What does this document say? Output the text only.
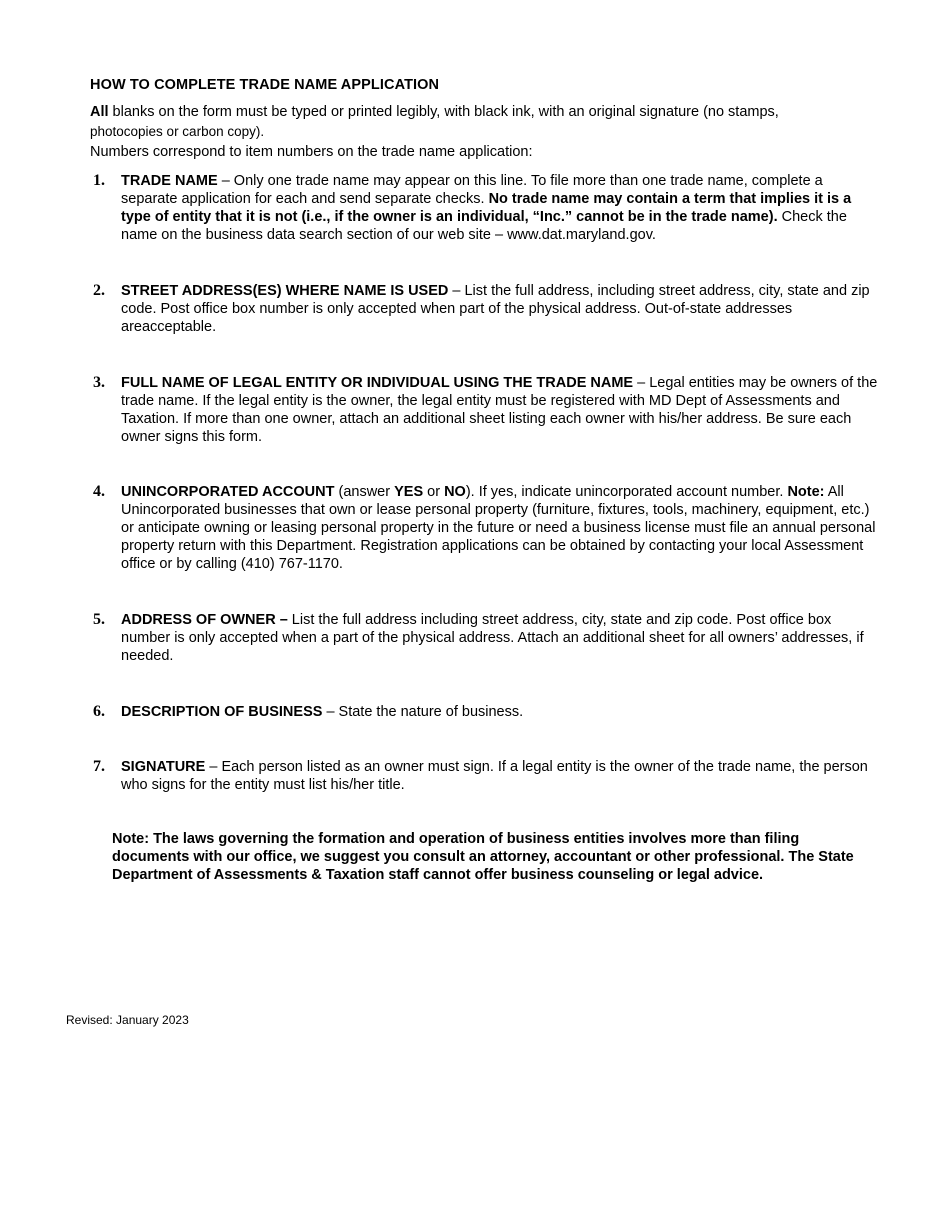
HOW TO COMPLETE TRADE NAME APPLICATION
All blanks on the form must be typed or printed legibly, with black ink, with an original signature (no stamps,
photocopies or carbon copy).
Numbers correspond to item numbers on the trade name application:
1.	TRADE NAME – Only one trade name may appear on this line. To file more than one trade name, complete a separate application for each and send separate checks. No trade name may contain a term that implies it is a type of entity that it is not (i.e., if the owner is an individual, “Inc.” cannot be in the trade name). Check the name on the business data search section of our web site – www.dat.maryland.gov.
2.	STREET ADDRESS(ES) WHERE NAME IS USED – List the full address, including street address, city, state and zip code. Post office box number is only accepted when part of the physical address. Out-of-state addresses areacceptable.
3.	FULL NAME OF LEGAL ENTITY OR INDIVIDUAL USING THE TRADE NAME – Legal entities may be owners of the trade name. If the legal entity is the owner, the legal entity must be registered with MD Dept of Assessments and Taxation. If more than one owner, attach an additional sheet listing each owner with his/her address. Be sure each owner signs this form.
4.	UNINCORPORATED ACCOUNT (answer YES or NO). If yes, indicate unincorporated account number. Note: All Unincorporated businesses that own or lease personal property (furniture, fixtures, tools, machinery, equipment, etc.) or anticipate owning or leasing personal property in the future or need a business license must file an annual personal property return with this Department. Registration applications can be obtained by contacting your local Assessment office or by calling (410) 767-1170.
5.	ADDRESS OF OWNER – List the full address including street address, city, state and zip code. Post office box number is only accepted when a part of the physical address. Attach an additional sheet for all owners’ addresses, if needed.
6.	DESCRIPTION OF BUSINESS – State the nature of business.
7.	SIGNATURE – Each person listed as an owner must sign. If a legal entity is the owner of the trade name, the person who signs for the entity must list his/her title.
Note: The laws governing the formation and operation of business entities involves more than filing documents with our office, we suggest you consult an attorney, accountant or other professional. The State Department of Assessments & Taxation staff cannot offer business counseling or legal advice.
Revised: January 2023
